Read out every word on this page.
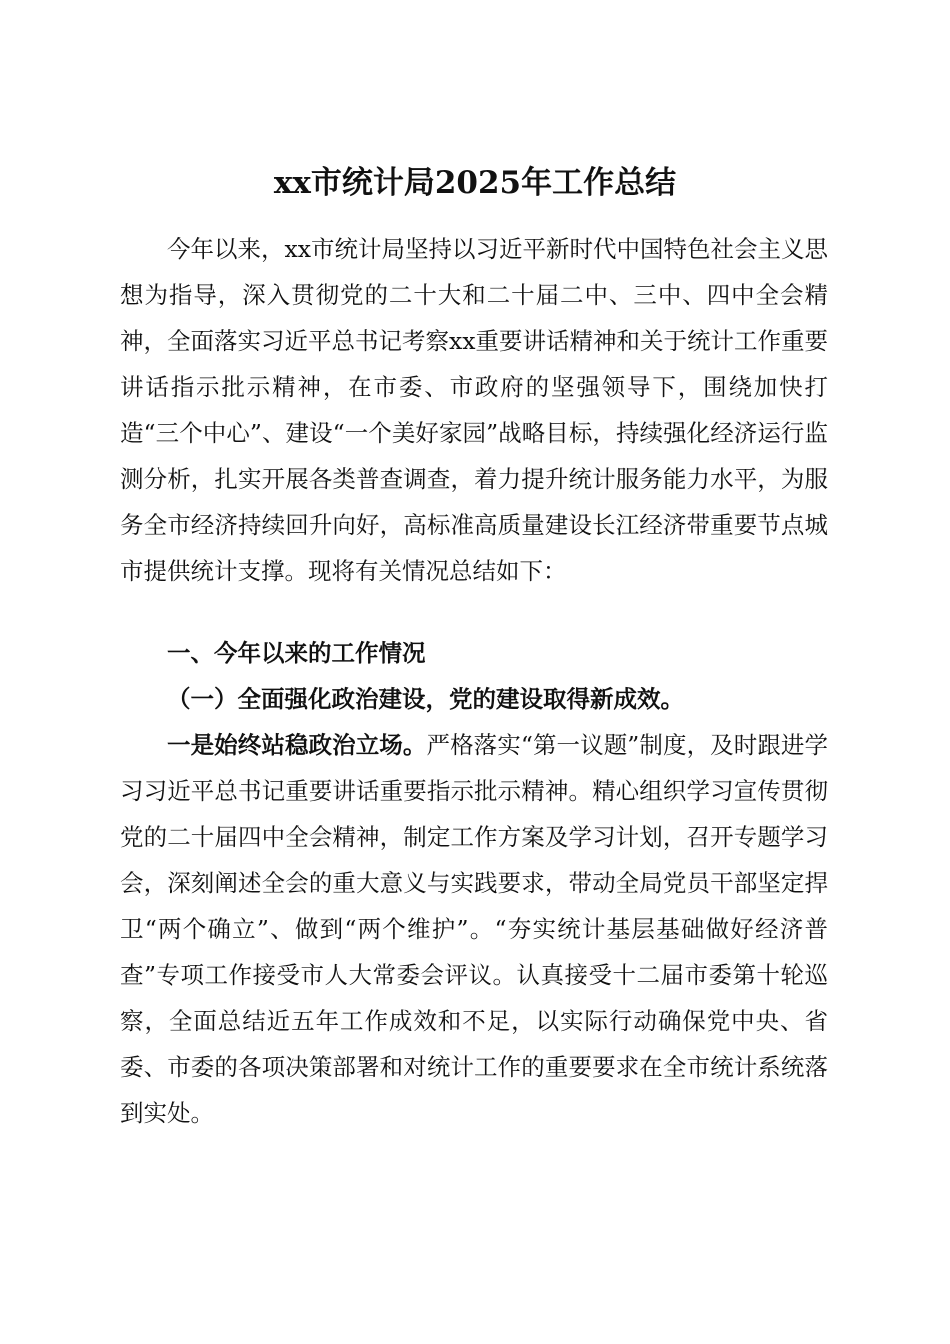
xx市统计局2025年工作总结

今年以来，xx市统计局坚持以习近平新时代中国特色社会主义思想为指导，深入贯彻党的二十大和二十届二中、三中、四中全会精神，全面落实习近平总书记考察xx重要讲话精神和关于统计工作重要讲话指示批示精神，在市委、市政府的坚强领导下，围绕加快打造“三个中心”、建设“一个美好家园”战略目标，持续强化经济运行监测分析，扎实开展各类普查调查，着力提升统计服务能力水平，为服务全市经济持续回升向好，高标准高质量建设长江经济带重要节点城市提供统计支撑。现将有关情况总结如下：

一、今年以来的工作情况

（一）全面强化政治建设，党的建设取得新成效。

一是始终站稳政治立场。严格落实“第一议题”制度，及时跟进学习习近平总书记重要讲话重要指示批示精神。精心组织学习宣传贯彻党的二十届四中全会精神，制定工作方案及学习计划，召开专题学习会，深刻阐述全会的重大意义与实践要求，带动全局党员干部坚定捍卫“两个确立”、做到“两个维护”。“夯实统计基层基础做好经济普查”专项工作接受市人大常委会评议。认真接受十二届市委第十轮巡察，全面总结近五年工作成效和不足，以实际行动确保党中央、省委、市委的各项决策部署和对统计工作的重要要求在全市统计系统落到实处。
